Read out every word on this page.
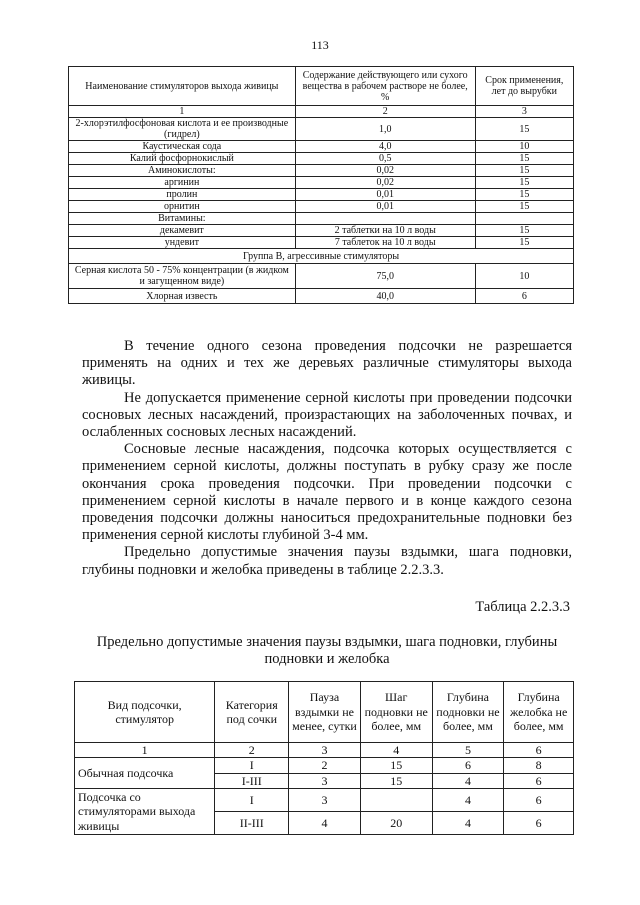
113
Наименование стимуляторов выхода живицы	Содержание действующего или сухого вещества в рабочем растворе не более, %	Срок применения, лет до вырубки
1	2	3
2-хлорэтилфосфоновая кислота и ее производные (гидрел)	1,0	15
Каустическая сода	4,0	10
Калий фосфорнокислый	0,5	15
Аминокислоты:	0,02	15
аргинин	0,02	15
пролин	0,01	15
орнитин	0,01	15
Витамины:		
декамевит	2 таблетки на 10 л воды	15
ундевит	7 таблеток на 10 л воды	15
Группа В, агрессивные стимуляторы		
Серная кислота 50 - 75% концентрации (в жидком и загущенном виде)	75,0	10
Хлорная известь	40,0	6

В течение одного сезона проведения подсочки не разрешается применять на одних и тех же деревьях различные стимуляторы выхода живицы.

Не допускается применение серной кислоты при проведении подсочки сосновых лесных насаждений, произрастающих на заболоченных почвах, и ослабленных сосновых лесных насаждений.

Сосновые лесные насаждения, подсочка которых осуществляется с применением серной кислоты, должны поступать в рубку сразу же после окончания срока проведения подсочки. При проведении подсочки с применением серной кислоты в начале первого и в конце каждого сезона проведения подсочки должны наноситься предохранительные подновки без применения серной кислоты глубиной 3-4 мм.

Предельно допустимые значения паузы вздымки, шага подновки, глубины подновки и желобка приведены в таблице 2.2.3.3.

Таблица 2.2.3.3
Предельно допустимые значения паузы вздымки, шага подновки, глубины подновки и желобка
Вид подсочки, стимулятор	Категория под сочки	Пауза вздымки не менее, сутки	Шаг подновки не более, мм	Глубина подновки не более, мм	Глубина желобка не более, мм
1	2	3	4	5	6
Обычная подсочка	I	2	15	6	8
	I-III	3	15	4	6
Подсочка со стимуляторами выхода живицы	I	3		4	6
	II-III	4	20	4	6
